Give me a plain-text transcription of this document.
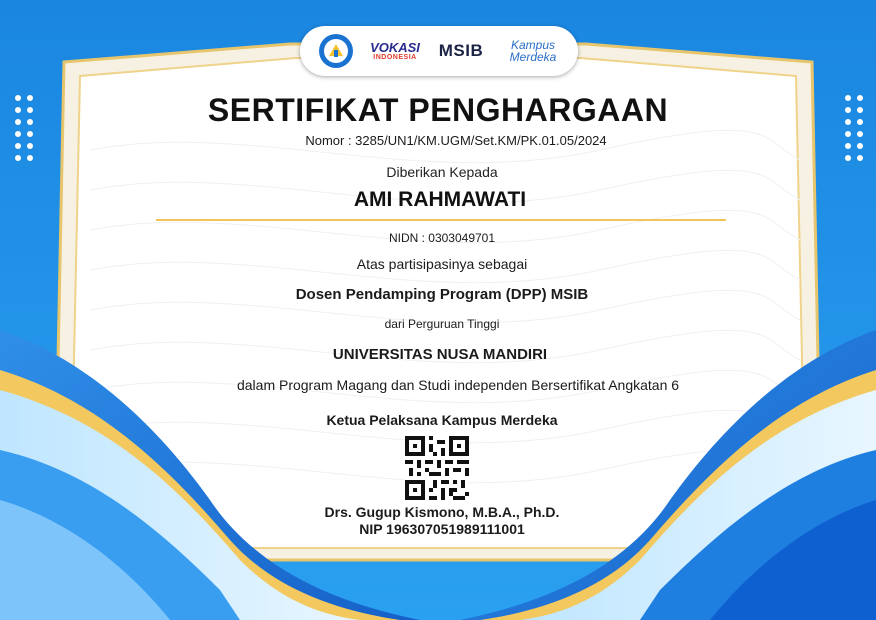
VOKASI
INDONESIA MSIB Kampus
Merdeka
SERTIFIKAT PENGHARGAAN
Nomor : 3285/UN1/KM.UGM/Set.KM/PK.01.05/2024
Diberikan Kepada
AMI RAHMAWATI
NIDN : 0303049701
Atas partisipasinya sebagai
Dosen Pendamping Program (DPP) MSIB
dari Perguruan Tinggi
UNIVERSITAS NUSA MANDIRI
dalam Program Magang dan Studi independen Bersertifikat Angkatan 6
Ketua Pelaksana Kampus Merdeka
Drs. Gugup Kismono, M.B.A., Ph.D.
NIP 196307051989111001
